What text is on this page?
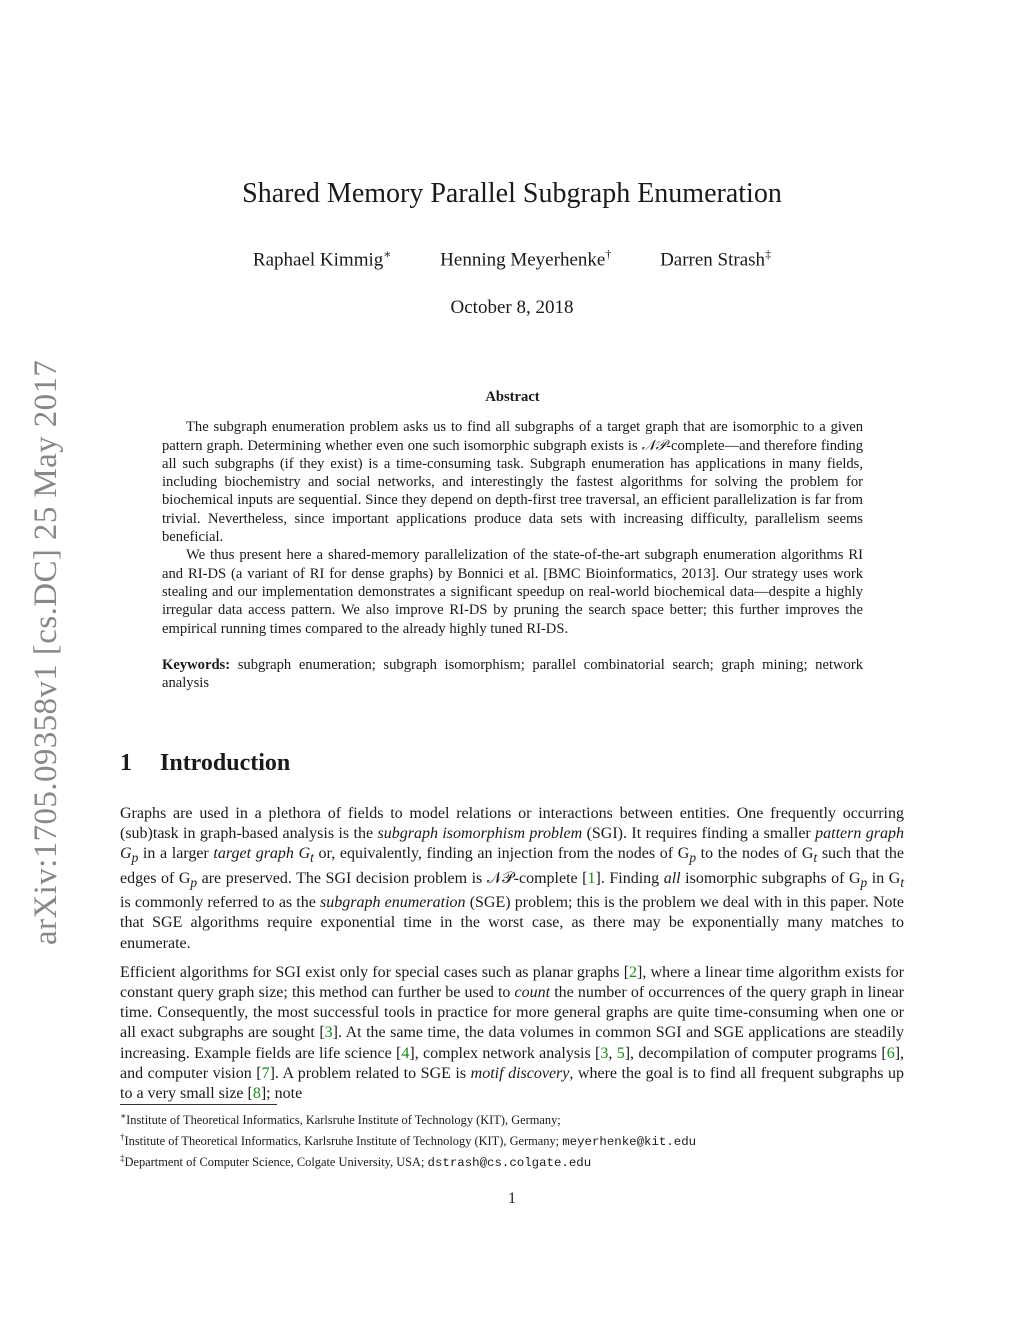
arXiv:1705.09358v1 [cs.DC] 25 May 2017
Shared Memory Parallel Subgraph Enumeration
Raphael Kimmig∗	Henning Meyerhenke†	Darren Strash‡
October 8, 2018
Abstract

The subgraph enumeration problem asks us to find all subgraphs of a target graph that are isomorphic to a given pattern graph. Determining whether even one such isomorphic subgraph exists is 𝒩𝒫-complete—and therefore finding all such subgraphs (if they exist) is a time-consuming task. Subgraph enumeration has applications in many fields, including biochemistry and social networks, and interestingly the fastest algorithms for solving the problem for biochemical inputs are sequential. Since they depend on depth-first tree traversal, an efficient parallelization is far from trivial. Nevertheless, since important applications produce data sets with increasing difficulty, parallelism seems beneficial.

We thus present here a shared-memory parallelization of the state-of-the-art subgraph enumeration algorithms RI and RI-DS (a variant of RI for dense graphs) by Bonnici et al. [BMC Bioinformatics, 2013]. Our strategy uses work stealing and our implementation demonstrates a significant speedup on real-world biochemical data—despite a highly irregular data access pattern. We also improve RI-DS by pruning the search space better; this further improves the empirical running times compared to the already highly tuned RI-DS.

Keywords: subgraph enumeration; subgraph isomorphism; parallel combinatorial search; graph mining; network analysis

1 Introduction

Graphs are used in a plethora of fields to model relations or interactions between entities. One frequently occurring (sub)task in graph-based analysis is the subgraph isomorphism problem (SGI). It requires finding a smaller pattern graph $G_p$ in a larger target graph $G_t$ or, equivalently, finding an injection from the nodes of $G_p$ to the nodes of $G_t$ such that the edges of $G_p$ are preserved. The SGI decision problem is 𝒩𝒫-complete [1]. Finding all isomorphic subgraphs of $G_p$ in $G_t$ is commonly referred to as the subgraph enumeration (SGE) problem; this is the problem we deal with in this paper. Note that SGE algorithms require exponential time in the worst case, as there may be exponentially many matches to enumerate.

Efficient algorithms for SGI exist only for special cases such as planar graphs [2], where a linear time algorithm exists for constant query graph size; this method can further be used to count the number of occurrences of the query graph in linear time. Consequently, the most successful tools in practice for more general graphs are quite time-consuming when one or all exact subgraphs are sought [3]. At the same time, the data volumes in common SGI and SGE applications are steadily increasing. Example fields are life science [4], complex network analysis [3, 5], decompilation of computer programs [6], and computer vision [7]. A problem related to SGE is motif discovery, where the goal is to find all frequent subgraphs up to a very small size [8]; note

∗Institute of Theoretical Informatics, Karlsruhe Institute of Technology (KIT), Germany;
†Institute of Theoretical Informatics, Karlsruhe Institute of Technology (KIT), Germany; meyerhenke@kit.edu
‡Department of Computer Science, Colgate University, USA; dstrash@cs.colgate.edu
1
